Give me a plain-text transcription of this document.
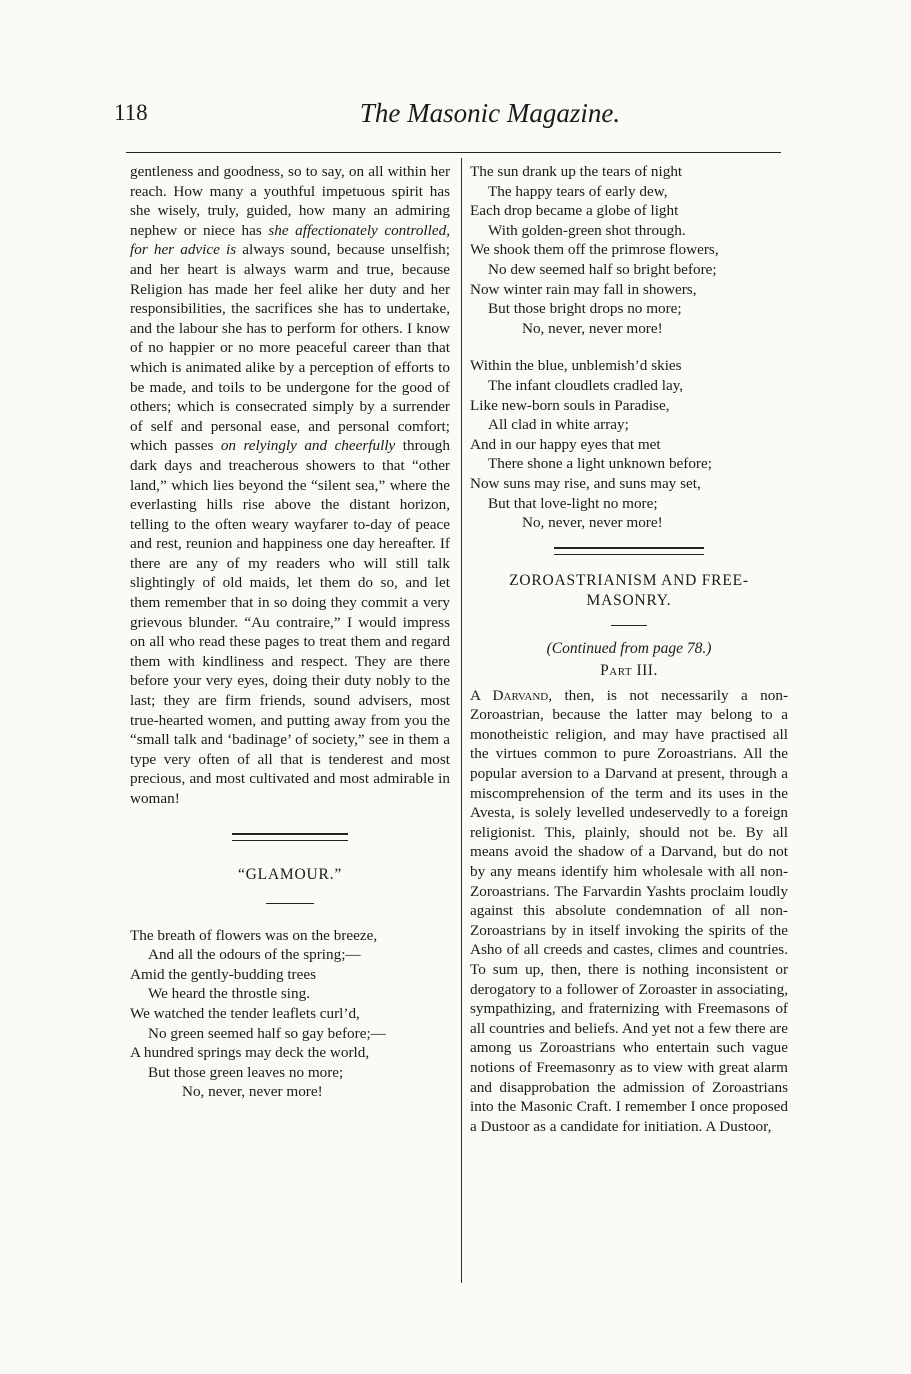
118	The Masonic Magazine.

gentleness and goodness, so to say, on all within her reach. How many a youthful impetuous spirit has she wisely, truly, guided, how many an admiring nephew or niece has she affectionately controlled, for her advice is always sound, because unselfish; and her heart is always warm and true, because Religion has made her feel alike her duty and her responsibilities, the sacrifices she has to undertake, and the labour she has to perform for others. I know of no happier or no more peaceful career than that which is animated alike by a perception of efforts to be made, and toils to be undergone for the good of others; which is consecrated simply by a surrender of self and personal ease, and personal comfort; which passes on relyingly and cheerfully through dark days and treacherous showers to that “other land,” which lies beyond the “silent sea,” where the everlasting hills rise above the distant horizon, telling to the often weary wayfarer to-day of peace and rest, reunion and happiness one day hereafter. If there are any of my readers who will still talk slightingly of old maids, let them do so, and let them remember that in so doing they commit a very grievous blunder. “Au contraire,” I would impress on all who read these pages to treat them and regard them with kindliness and respect. They are there before your very eyes, doing their duty nobly to the last; they are firm friends, sound advisers, most true-hearted women, and putting away from you the “small talk and ‘badinage’ of society,” see in them a type very often of all that is tenderest and most precious, and most cultivated and most admirable in woman!

“GLAMOUR.”

The breath of flowers was on the breeze,
And all the odours of the spring;—
Amid the gently-budding trees
We heard the throstle sing.
We watched the tender leaflets curl’d,
No green seemed half so gay before;—
A hundred springs may deck the world,
But those green leaves no more;
No, never, never more!
The sun drank up the tears of night
The happy tears of early dew,
Each drop became a globe of light
With golden-green shot through.
We shook them off the primrose flowers,
No dew seemed half so bright before;
Now winter rain may fall in showers,
But those bright drops no more;
No, never, never more!
Within the blue, unblemish’d skies
The infant cloudlets cradled lay,
Like new-born souls in Paradise,
All clad in white array;
And in our happy eyes that met
There shone a light unknown before;
Now suns may rise, and suns may set,
But that love-light no more;
No, never, never more!

ZOROASTRIANISM AND FREE-

MASONRY.

(Continued from page 78.)

Part III.

A Darvand, then, is not necessarily a non-Zoroastrian, because the latter may belong to a monotheistic religion, and may have practised all the virtues common to pure Zoroastrians. All the popular aversion to a Darvand at present, through a miscomprehension of the term and its uses in the Avesta, is solely levelled undeservedly to a foreign religionist. This, plainly, should not be. By all means avoid the shadow of a Darvand, but do not by any means identify him wholesale with all non-Zoroastrians. The Farvardin Yashts proclaim loudly against this absolute condemnation of all non-Zoroastrians by in itself invoking the spirits of the Asho of all creeds and castes, climes and countries. To sum up, then, there is nothing inconsistent or derogatory to a follower of Zoroaster in associating, sympathizing, and fraternizing with Freemasons of all countries and beliefs. And yet not a few there are among us Zoroastrians who entertain such vague notions of Freemasonry as to view with great alarm and disapprobation the admission of Zoroastrians into the Masonic Craft. I remember I once proposed a Dustoor as a candidate for initiation. A Dustoor,
